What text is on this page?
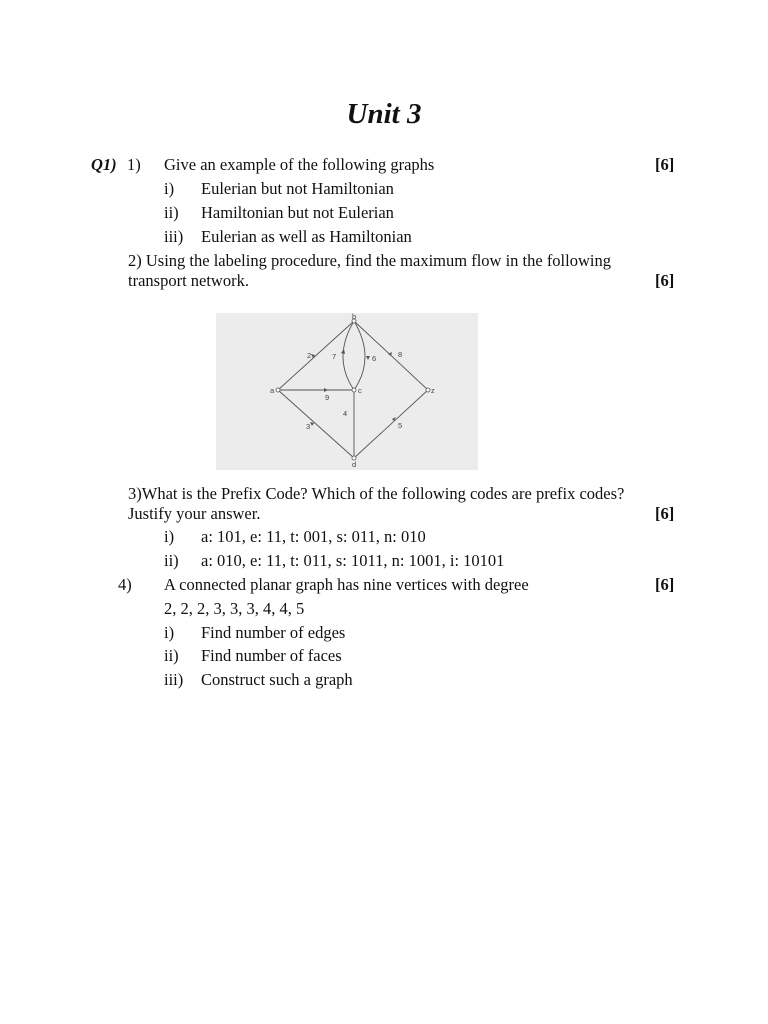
Unit 3
Q1) 1) Give an example of the following graphs	[6]
i) Eulerian but not Hamiltonian
ii) Hamiltonian but not Eulerian
iii) Eulerian as well as Hamiltonian
2) Using the labeling procedure, find the maximum flow in the following
transport network.	[6]
a
b
c
d
z
2	7	6	8
9
4
3	5
3)What is the Prefix Code? Which of the following codes are prefix codes?
Justify your answer.	[6]
i) a: 101, e: 11, t: 001, s: 011, n: 010
ii) a: 010, e: 11, t: 011, s: 1011, n: 1001, i: 10101
4) A connected planar graph has nine vertices with degree	[6]
2, 2, 2, 3, 3, 3, 4, 4, 5
i) Find number of edges
ii) Find number of faces
iii) Construct such a graph
